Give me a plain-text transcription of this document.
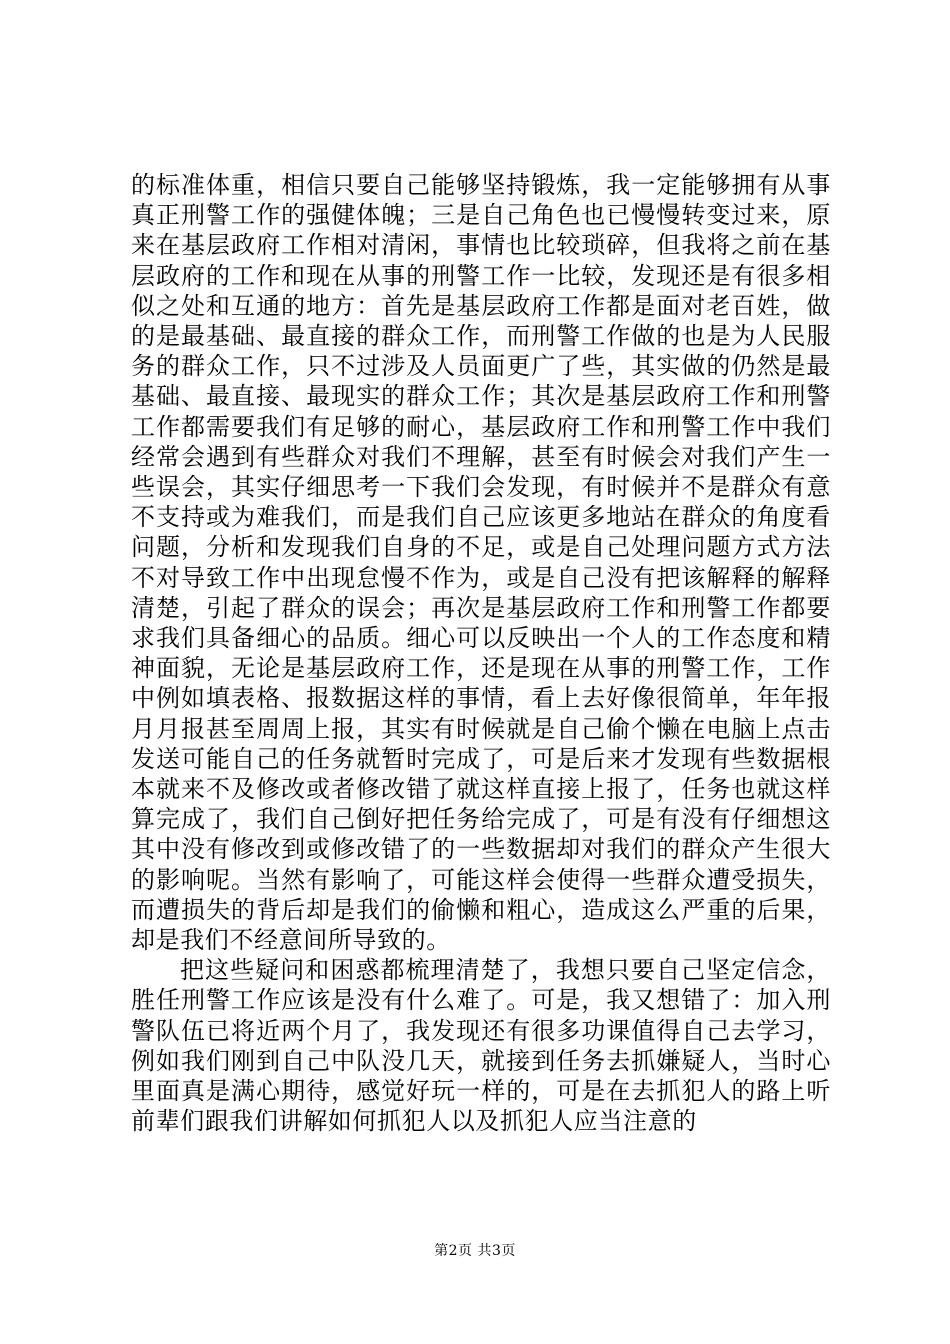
的标准体重，相信只要自己能够坚持锻炼，我一定能够拥有从事真正刑警工作的强健体魄；三是自己角色也已慢慢转变过来，原来在基层政府工作相对清闲，事情也比较琐碎，但我将之前在基层政府的工作和现在从事的刑警工作一比较，发现还是有很多相似之处和互通的地方：首先是基层政府工作都是面对老百姓，做的是最基础、最直接的群众工作，而刑警工作做的也是为人民服务的群众工作，只不过涉及人员面更广了些，其实做的仍然是最基础、最直接、最现实的群众工作；其次是基层政府工作和刑警工作都需要我们有足够的耐心，基层政府工作和刑警工作中我们经常会遇到有些群众对我们不理解，甚至有时候会对我们产生一些误会，其实仔细思考一下我们会发现，有时候并不是群众有意不支持或为难我们，而是我们自己应该更多地站在群众的角度看问题，分析和发现我们自身的不足，或是自己处理问题方式方法不对导致工作中出现怠慢不作为，或是自己没有把该解释的解释清楚，引起了群众的误会；再次是基层政府工作和刑警工作都要求我们具备细心的品质。细心可以反映出一个人的工作态度和精神面貌，无论是基层政府工作，还是现在从事的刑警工作，工作中例如填表格、报数据这样的事情，看上去好像很简单，年年报月月报甚至周周上报，其实有时候就是自己偷个懒在电脑上点击发送可能自己的任务就暂时完成了，可是后来才发现有些数据根本就来不及修改或者修改错了就这样直接上报了，任务也就这样算完成了，我们自己倒好把任务给完成了，可是有没有仔细想这其中没有修改到或修改错了的一些数据却对我们的群众产生很大的影响呢。当然有影响了，可能这样会使得一些群众遭受损失，而遭损失的背后却是我们的偷懒和粗心，造成这么严重的后果，却是我们不经意间所导致的。

把这些疑问和困惑都梳理清楚了，我想只要自己坚定信念，胜任刑警工作应该是没有什么难了。可是，我又想错了：加入刑警队伍已将近两个月了，我发现还有很多功课值得自己去学习，例如我们刚到自己中队没几天，就接到任务去抓嫌疑人，当时心里面真是满心期待，感觉好玩一样的，可是在去抓犯人的路上听前辈们跟我们讲解如何抓犯人以及抓犯人应当注意的

第2页 共3页
